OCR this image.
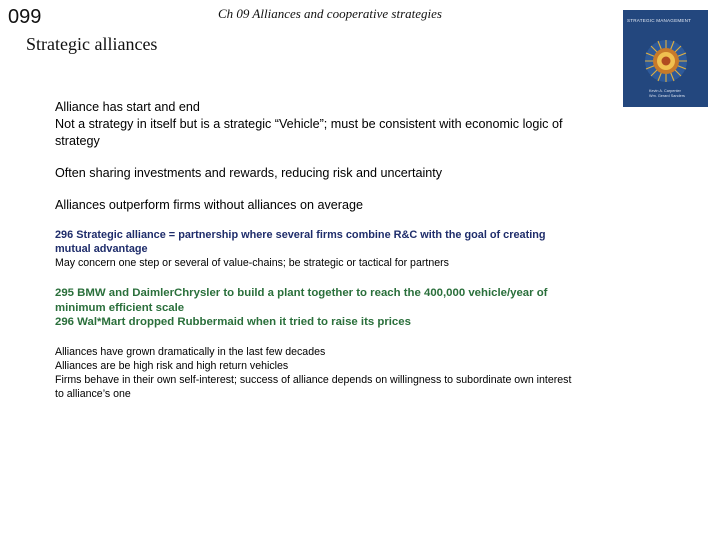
099	Ch 09 Alliances and cooperative strategies
Strategic alliances
STRATEGIC MANAGEMENT
Kevin A. Carpenter
Wm. Gerard Sanders

Alliance has start and end

Not a strategy in itself but is a strategic “Vehicle”; must be consistent with economic logic of strategy

Often sharing investments and rewards, reducing risk and uncertainty

Alliances outperform firms without alliances on average

296 Strategic alliance = partnership where several firms combine R&C with the goal of creating mutual advantage

May concern one step or several of value-chains; be strategic or tactical for partners

295 BMW and DaimlerChrysler to build a plant together to reach the 400,000 vehicle/year of minimum efficient scale

296 Wal*Mart dropped Rubbermaid when it tried to raise its prices

Alliances have grown dramatically in the last few decades

Alliances are be high risk and high return vehicles

Firms behave in their own self-interest; success of alliance depends on willingness to subordinate own interest to alliance’s one
